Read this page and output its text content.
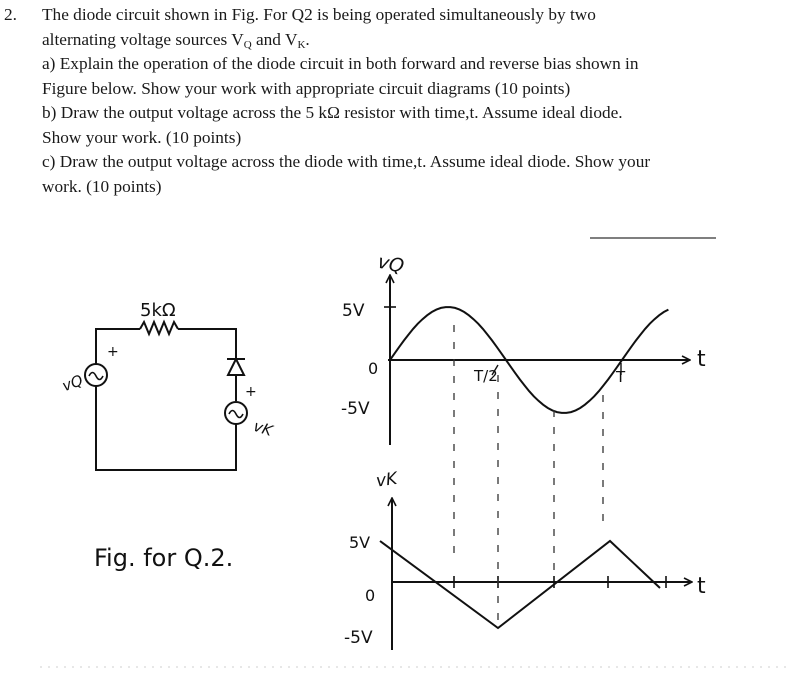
2. The diode circuit shown in Fig. For Q2 is being operated simultaneously by two
alternating voltage sources $V_Q$ and $V_K$.
a) Explain the operation of the diode circuit in both forward and reverse bias shown in
Figure below. Show your work with appropriate circuit diagrams (10 points)
b) Draw the output voltage across the 5 kΩ resistor with time,t. Assume ideal diode.
Show your work. (10 points)
c) Draw the output voltage across the diode with time,t. Assume ideal diode. Show your
work. (10 points)
5kΩ
vQ
+
vK
+
Fig. for Q.2.
vQ
5V
0
-5V
T/2	T
t
vK
5V
0
-5V
t
